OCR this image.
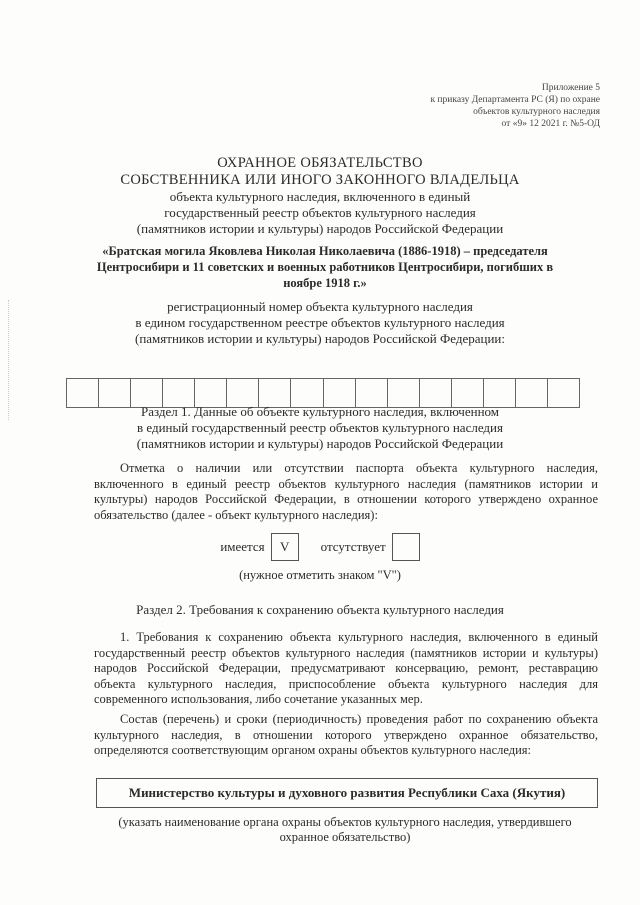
Приложение 5
к приказу Департамента РС (Я) по охране
объектов культурного наследия
от «9» 12 2021 г. №5-ОД
ОХРАННОЕ ОБЯЗАТЕЛЬСТВО
СОБСТВЕННИКА ИЛИ ИНОГО ЗАКОННОГО ВЛАДЕЛЬЦА
объекта культурного наследия, включенного в единый
государственный реестр объектов культурного наследия
(памятников истории и культуры) народов Российской Федерации
«Братская могила Яковлева Николая Николаевича (1886-1918) – председателя
Центросибири и 11 советских и военных работников Центросибири, погибших в
ноябре 1918 г.»
регистрационный номер объекта культурного наследия
в едином государственном реестре объектов культурного наследия
(памятников истории и культуры) народов Российской Федерации:
Раздел 1. Данные об объекте культурного наследия, включенном
в единый государственный реестр объектов культурного наследия
(памятников истории и культуры) народов Российской Федерации
Отметка о наличии или отсутствии паспорта объекта культурного наследия, включенного в единый реестр объектов культурного наследия (памятников истории и культуры) народов Российской Федерации, в отношении которого утверждено охранное обязательство (далее - объект культурного наследия):
имеется	V	отсутствует
(нужное отметить знаком "V")
Раздел 2. Требования к сохранению объекта культурного наследия
1. Требования к сохранению объекта культурного наследия, включенного в единый государственный реестр объектов культурного наследия (памятников истории и культуры) народов Российской Федерации, предусматривают консервацию, ремонт, реставрацию объекта культурного наследия, приспособление объекта культурного наследия для современного использования, либо сочетание указанных мер.
Состав (перечень) и сроки (периодичность) проведения работ по сохранению объекта культурного наследия, в отношении которого утверждено охранное обязательство, определяются соответствующим органом охраны объектов культурного наследия:
Министерство культуры и духовного развития Республики Саха (Якутия)
(указать наименование органа охраны объектов культурного наследия, утвердившего охранное обязательство)
